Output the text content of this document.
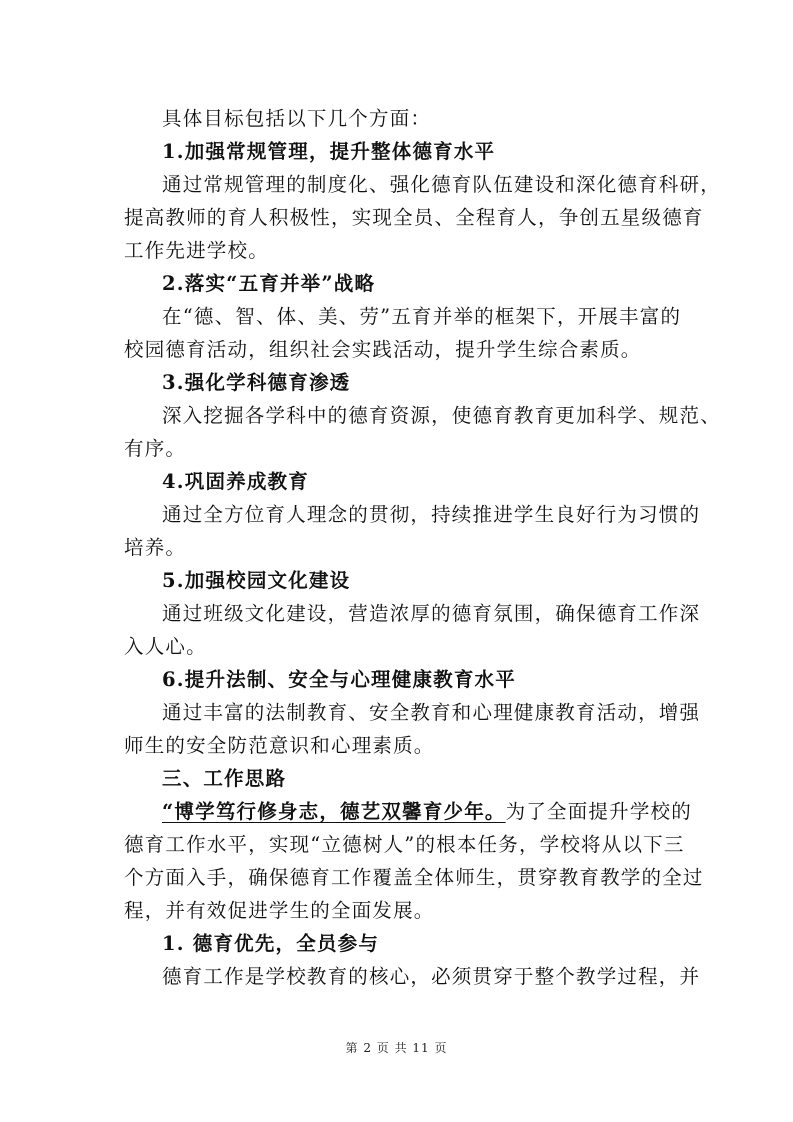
具体目标包括以下几个方面：
1.加强常规管理，提升整体德育水平
通过常规管理的制度化、强化德育队伍建设和深化德育科研，
提高教师的育人积极性，实现全员、全程育人，争创五星级德育
工作先进学校。
2.落实“五育并举”战略
在“德、智、体、美、劳”五育并举的框架下，开展丰富的
校园德育活动，组织社会实践活动，提升学生综合素质。
3.强化学科德育渗透
深入挖掘各学科中的德育资源，使德育教育更加科学、规范、
有序。
4.巩固养成教育
通过全方位育人理念的贯彻，持续推进学生良好行为习惯的
培养。
5.加强校园文化建设
通过班级文化建设，营造浓厚的德育氛围，确保德育工作深
入人心。
6.提升法制、安全与心理健康教育水平
通过丰富的法制教育、安全教育和心理健康教育活动，增强
师生的安全防范意识和心理素质。
三、工作思路
“博学笃行修身志，德艺双馨育少年。为了全面提升学校的
德育工作水平，实现“立德树人”的根本任务，学校将从以下三
个方面入手，确保德育工作覆盖全体师生，贯穿教育教学的全过
程，并有效促进学生的全面发展。
1. 德育优先，全员参与
德育工作是学校教育的核心，必须贯穿于整个教学过程，并
第 2 页 共 11 页
